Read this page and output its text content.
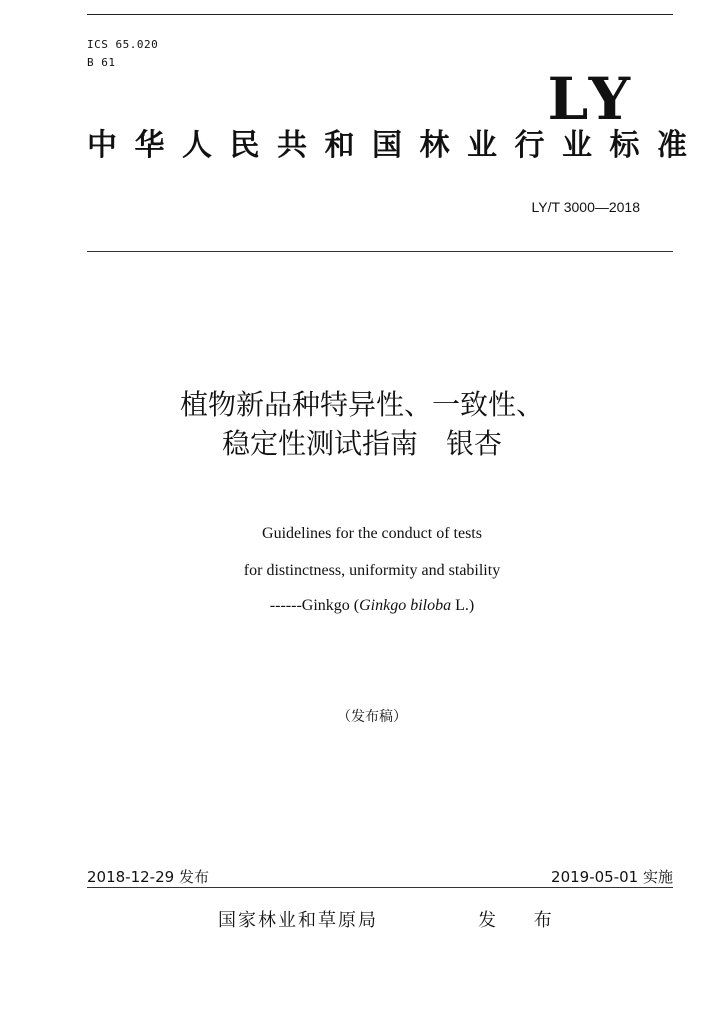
ICS 65.020
B 61
LY
中华人民共和国林业行业标准
LY/T 3000—2018
植物新品种特异性、一致性、
稳定性测试指南　银杏
Guidelines for the conduct of tests
for distinctness, uniformity and stability
------Ginkgo (Ginkgo biloba L.)
（发布稿）
2018-12-29 发布	2019-05-01 实施
国家林业和草原局	发 布
